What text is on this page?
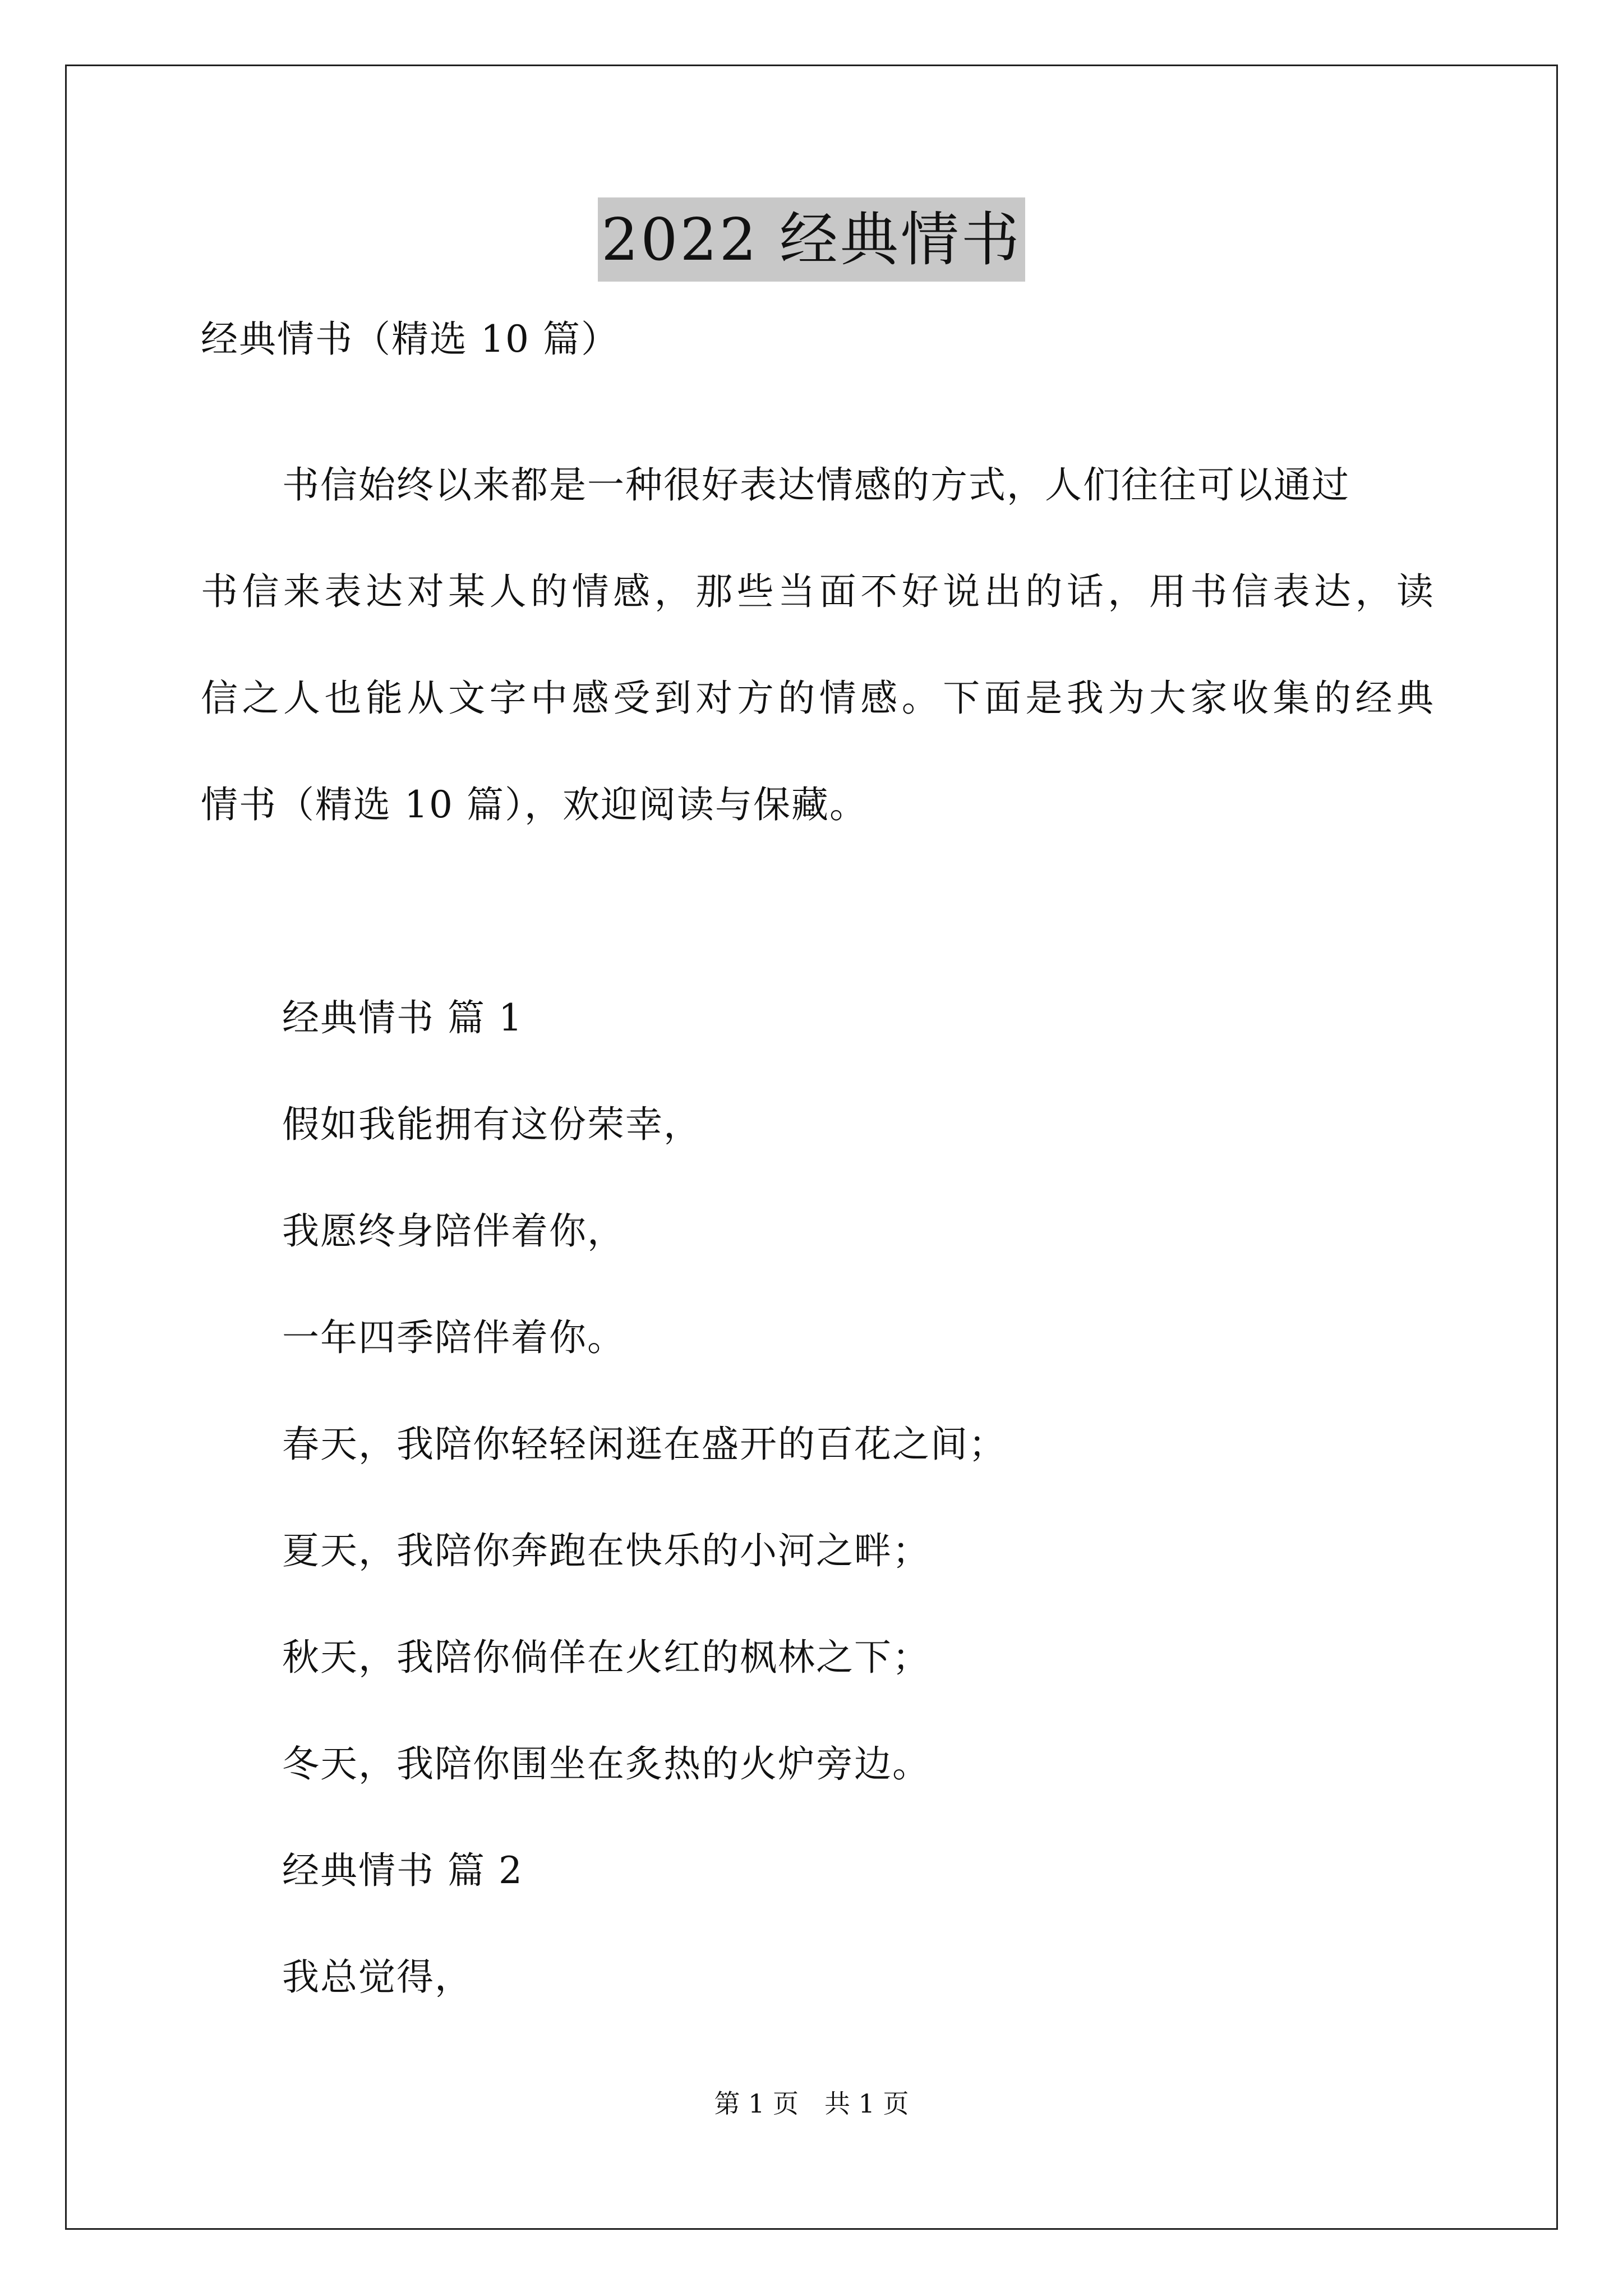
2022 经典情书
经典情书（精选 10 篇）
书信始终以来都是一种很好表达情感的方式，人们往往可以通过
书信来表达对某人的情感，那些当面不好说出的话，用书信表达，读
信之人也能从文字中感受到对方的情感。下面是我为大家收集的经典
情书（精选 10 篇），欢迎阅读与保藏。
经典情书 篇 1
假如我能拥有这份荣幸，
我愿终身陪伴着你，
一年四季陪伴着你。
春天，我陪你轻轻闲逛在盛开的百花之间；
夏天，我陪你奔跑在快乐的小河之畔；
秋天，我陪你倘佯在火红的枫林之下；
冬天，我陪你围坐在炙热的火炉旁边。
经典情书 篇 2
我总觉得，
第 1 页　共 1 页
